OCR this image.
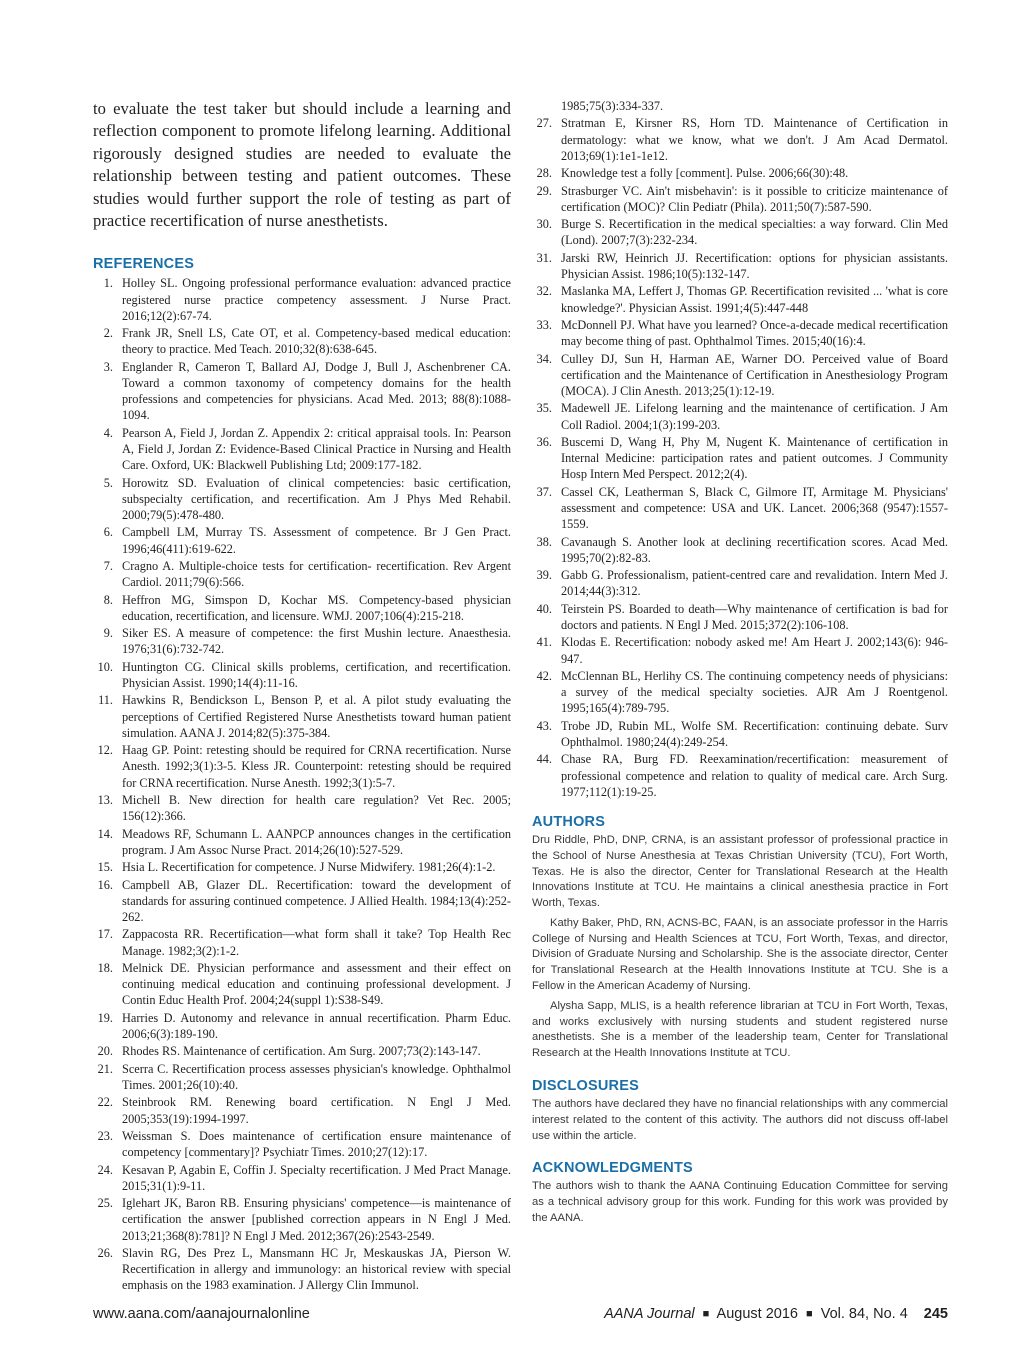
to evaluate the test taker but should include a learning and reflection component to promote lifelong learning. Additional rigorously designed studies are needed to evaluate the relationship between testing and patient outcomes. These studies would further support the role of testing as part of practice recertification of nurse anesthetists.

REFERENCES
1. Holley SL. Ongoing professional performance evaluation: advanced practice registered nurse practice competency assessment. J Nurse Pract. 2016;12(2):67-74.
2. Frank JR, Snell LS, Cate OT, et al. Competency-based medical education: theory to practice. Med Teach. 2010;32(8):638-645.
3. Englander R, Cameron T, Ballard AJ, Dodge J, Bull J, Aschenbrener CA. Toward a common taxonomy of competency domains for the health professions and competencies for physicians. Acad Med. 2013; 88(8):1088-1094.
4. Pearson A, Field J, Jordan Z. Appendix 2: critical appraisal tools. In: Pearson A, Field J, Jordan Z: Evidence-Based Clinical Practice in Nursing and Health Care. Oxford, UK: Blackwell Publishing Ltd; 2009:177-182.
5. Horowitz SD. Evaluation of clinical competencies: basic certification, subspecialty certification, and recertification. Am J Phys Med Rehabil. 2000;79(5):478-480.
6. Campbell LM, Murray TS. Assessment of competence. Br J Gen Pract. 1996;46(411):619-622.
7. Cragno A. Multiple-choice tests for certification- recertification. Rev Argent Cardiol. 2011;79(6):566.
8. Heffron MG, Simspon D, Kochar MS. Competency-based physician education, recertification, and licensure. WMJ. 2007;106(4):215-218.
9. Siker ES. A measure of competence: the first Mushin lecture. Anaesthesia. 1976;31(6):732-742.
10. Huntington CG. Clinical skills problems, certification, and recertification. Physician Assist. 1990;14(4):11-16.
11. Hawkins R, Bendickson L, Benson P, et al. A pilot study evaluating the perceptions of Certified Registered Nurse Anesthetists toward human patient simulation. AANA J. 2014;82(5):375-384.
12. Haag GP. Point: retesting should be required for CRNA recertification. Nurse Anesth. 1992;3(1):3-5. Kless JR. Counterpoint: retesting should be required for CRNA recertification. Nurse Anesth. 1992;3(1):5-7.
13. Michell B. New direction for health care regulation? Vet Rec. 2005; 156(12):366.
14. Meadows RF, Schumann L. AANPCP announces changes in the certification program. J Am Assoc Nurse Pract. 2014;26(10):527-529.
15. Hsia L. Recertification for competence. J Nurse Midwifery. 1981;26(4):1-2.
16. Campbell AB, Glazer DL. Recertification: toward the development of standards for assuring continued competence. J Allied Health. 1984;13(4):252-262.
17. Zappacosta RR. Recertification—what form shall it take? Top Health Rec Manage. 1982;3(2):1-2.
18. Melnick DE. Physician performance and assessment and their effect on continuing medical education and continuing professional development. J Contin Educ Health Prof. 2004;24(suppl 1):S38-S49.
19. Harries D. Autonomy and relevance in annual recertification. Pharm Educ. 2006;6(3):189-190.
20. Rhodes RS. Maintenance of certification. Am Surg. 2007;73(2):143-147.
21. Scerra C. Recertification process assesses physician's knowledge. Ophthalmol Times. 2001;26(10):40.
22. Steinbrook RM. Renewing board certification. N Engl J Med. 2005;353(19):1994-1997.
23. Weissman S. Does maintenance of certification ensure maintenance of competency [commentary]? Psychiatr Times. 2010;27(12):17.
24. Kesavan P, Agabin E, Coffin J. Specialty recertification. J Med Pract Manage. 2015;31(1):9-11.
25. Iglehart JK, Baron RB. Ensuring physicians' competence—is maintenance of certification the answer [published correction appears in N Engl J Med. 2013;21;368(8):781]? N Engl J Med. 2012;367(26):2543-2549.
26. Slavin RG, Des Prez L, Mansmann HC Jr, Meskauskas JA, Pierson W. Recertification in allergy and immunology: an historical review with special emphasis on the 1983 examination. J Allergy Clin Immunol.
1985;75(3):334-337.
27. Stratman E, Kirsner RS, Horn TD. Maintenance of Certification in dermatology: what we know, what we don't. J Am Acad Dermatol. 2013;69(1):1e1-1e12.
28. Knowledge test a folly [comment]. Pulse. 2006;66(30):48.
29. Strasburger VC. Ain't misbehavin': is it possible to criticize maintenance of certification (MOC)? Clin Pediatr (Phila). 2011;50(7):587-590.
30. Burge S. Recertification in the medical specialties: a way forward. Clin Med (Lond). 2007;7(3):232-234.
31. Jarski RW, Heinrich JJ. Recertification: options for physician assistants. Physician Assist. 1986;10(5):132-147.
32. Maslanka MA, Leffert J, Thomas GP. Recertification revisited ... 'what is core knowledge?'. Physician Assist. 1991;4(5):447-448
33. McDonnell PJ. What have you learned? Once-a-decade medical recertification may become thing of past. Ophthalmol Times. 2015;40(16):4.
34. Culley DJ, Sun H, Harman AE, Warner DO. Perceived value of Board certification and the Maintenance of Certification in Anesthesiology Program (MOCA). J Clin Anesth. 2013;25(1):12-19.
35. Madewell JE. Lifelong learning and the maintenance of certification. J Am Coll Radiol. 2004;1(3):199-203.
36. Buscemi D, Wang H, Phy M, Nugent K. Maintenance of certification in Internal Medicine: participation rates and patient outcomes. J Community Hosp Intern Med Perspect. 2012;2(4).
37. Cassel CK, Leatherman S, Black C, Gilmore IT, Armitage M. Physicians' assessment and competence: USA and UK. Lancet. 2006;368 (9547):1557-1559.
38. Cavanaugh S. Another look at declining recertification scores. Acad Med. 1995;70(2):82-83.
39. Gabb G. Professionalism, patient-centred care and revalidation. Intern Med J. 2014;44(3):312.
40. Teirstein PS. Boarded to death—Why maintenance of certification is bad for doctors and patients. N Engl J Med. 2015;372(2):106-108.
41. Klodas E. Recertification: nobody asked me! Am Heart J. 2002;143(6): 946-947.
42. McClennan BL, Herlihy CS. The continuing competency needs of physicians: a survey of the medical specialty societies. AJR Am J Roentgenol. 1995;165(4):789-795.
43. Trobe JD, Rubin ML, Wolfe SM. Recertification: continuing debate. Surv Ophthalmol. 1980;24(4):249-254.
44. Chase RA, Burg FD. Reexamination/recertification: measurement of professional competence and relation to quality of medical care. Arch Surg. 1977;112(1):19-25.
AUTHORS

Dru Riddle, PhD, DNP, CRNA, is an assistant professor of professional practice in the School of Nurse Anesthesia at Texas Christian University (TCU), Fort Worth, Texas. He is also the director, Center for Translational Research at the Health Innovations Institute at TCU. He maintains a clinical anesthesia practice in Fort Worth, Texas.

Kathy Baker, PhD, RN, ACNS-BC, FAAN, is an associate professor in the Harris College of Nursing and Health Sciences at TCU, Fort Worth, Texas, and director, Division of Graduate Nursing and Scholarship. She is the associate director, Center for Translational Research at the Health Innovations Institute at TCU. She is a Fellow in the American Academy of Nursing.

Alysha Sapp, MLIS, is a health reference librarian at TCU in Fort Worth, Texas, and works exclusively with nursing students and student registered nurse anesthetists. She is a member of the leadership team, Center for Translational Research at the Health Innovations Institute at TCU.

DISCLOSURES

The authors have declared they have no financial relationships with any commercial interest related to the content of this activity. The authors did not discuss off-label use within the article.

ACKNOWLEDGMENTS

The authors wish to thank the AANA Continuing Education Committee for serving as a technical advisory group for this work. Funding for this work was provided by the AANA.

www.aana.com/aanajournalonline	AANA Journal ■ August 2016 ■ Vol. 84, No. 4 245
